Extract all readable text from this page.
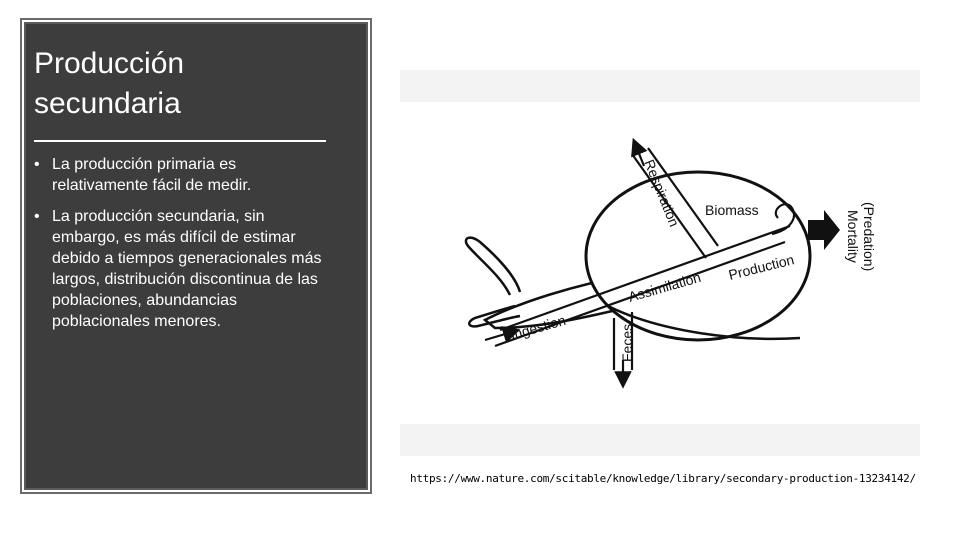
Producción
secundaria
• La producción primaria es relativamente fácil de medir.
• La producción secundaria, sin embargo, es más difícil de estimar debido a tiempos generacionales más largos, distribución discontinua de las poblaciones, abundancias poblacionales menores.
Respiration Biomass	(Predation)
Mortality
Assimilation
Production
Ingestion	Feces
https://www.nature.com/scitable/knowledge/library/secondary-production-13234142/
